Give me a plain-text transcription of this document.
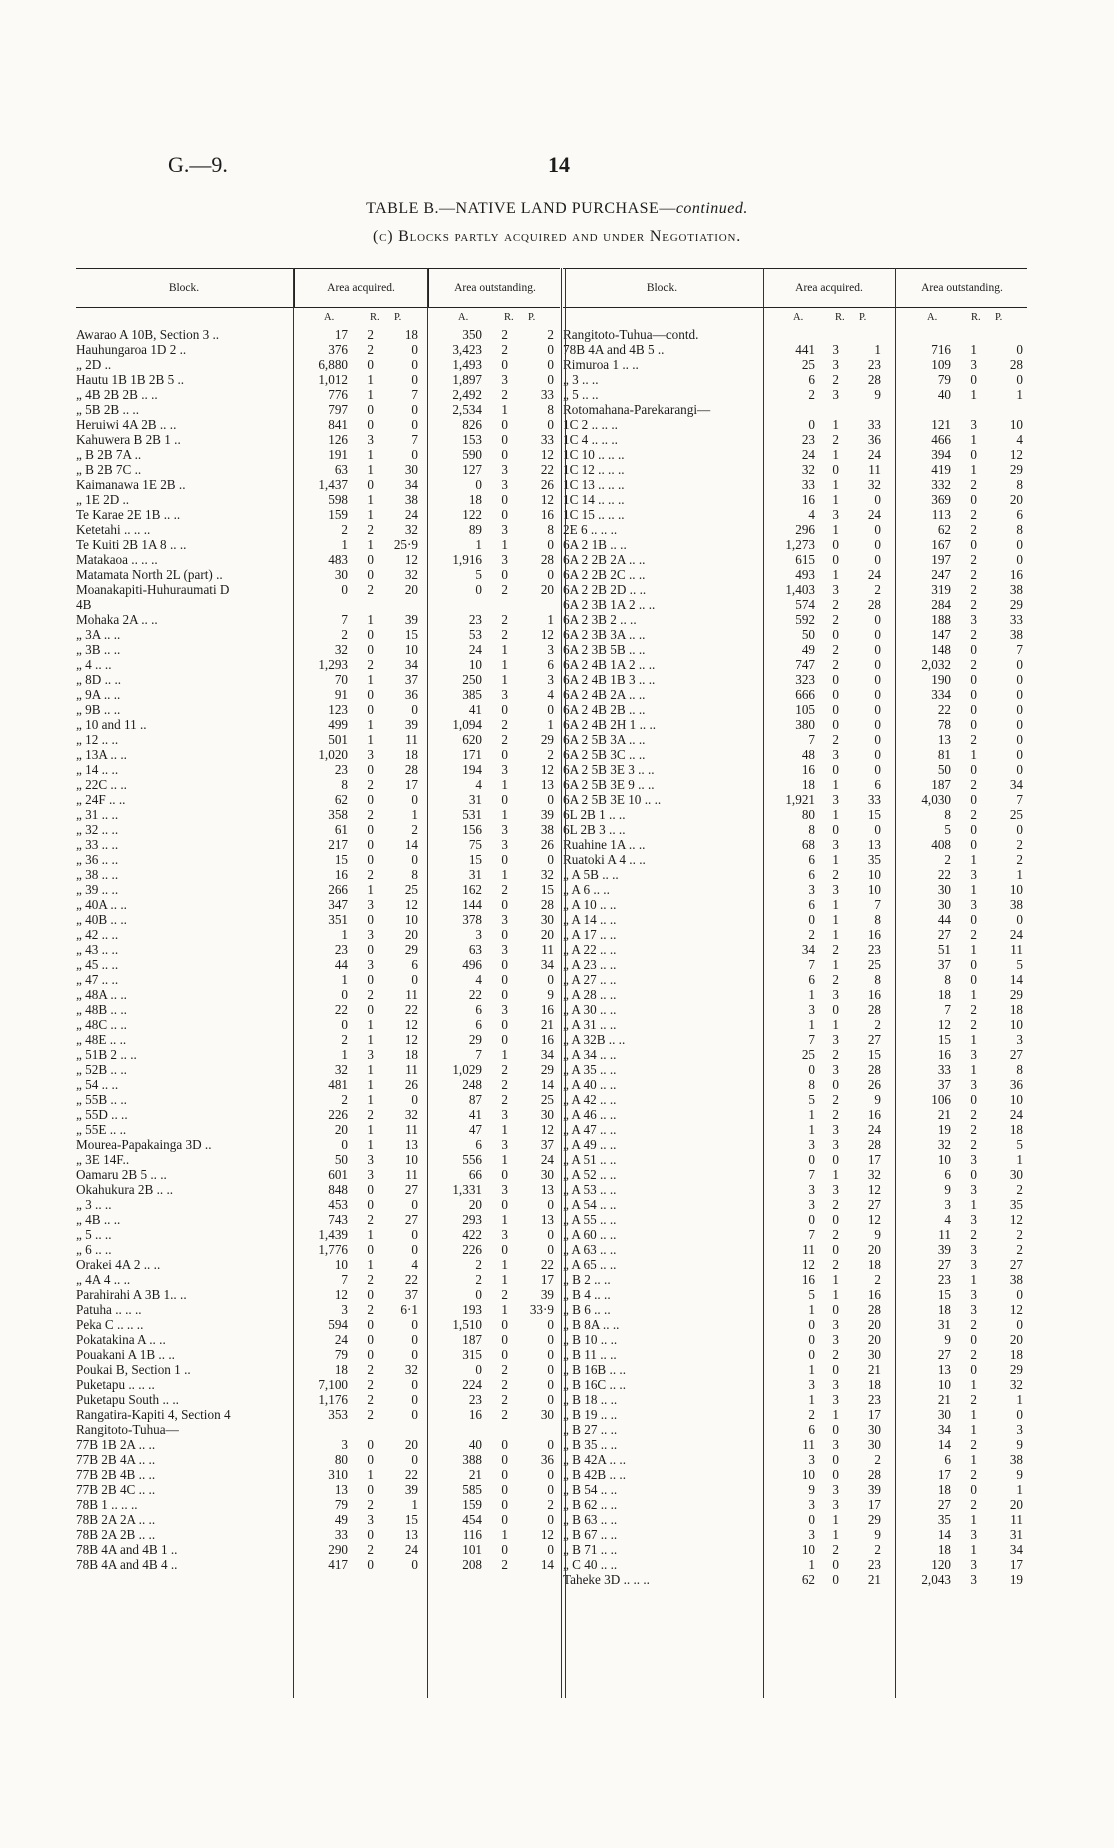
G.—9.	14
TABLE B.—NATIVE LAND PURCHASE—continued.
(c) Blocks partly acquired and under Negotiation.
Block.	Area acquired.	Area outstanding.
A.	R. P.	A.	R. P.
Awarao A 10B, Section 3 ..	17	2	18	350	2	2
Hauhungaroa 1D 2 ..	376	2	0	3,423	2	0
„ 2D ..	6,880	0	0	1,493	0	0
Hautu 1B 1B 2B 5 ..	1,012	1	0	1,897	3	0
„ 4B 2B 2B .. ..	776	1	7	2,492	2	33
„ 5B 2B .. ..	797	0	0	2,534	1	8
Heruiwi 4A 2B .. ..	841	0	0	826	0	0
Kahuwera B 2B 1 ..	126	3	7	153	0	33
„ B 2B 7A ..	191	1	0	590	0	12
„ B 2B 7C ..	63	1	30	127	3	22
Kaimanawa 1E 2B ..	1,437	0	34	0	3	26
„ 1E 2D ..	598	1	38	18	0	12
Te Karae 2E 1B .. ..	159	1	24	122	0	16
Ketetahi .. .. ..	2	2	32	89	3	8
Te Kuiti 2B 1A 8 .. ..	1	1	25·9	1	1	0
Matakaoa .. .. ..	483	0	12	1,916	3	28
Matamata North 2L (part) ..	30	0	32	5	0	0
Moanakapiti-Huhuraumati D	0	2	20	0	2	20
4B
Mohaka 2A .. ..	7	1	39	23	2	1
„ 3A .. ..	2	0	15	53	2	12
„ 3B .. ..	32	0	10	24	1	3
„ 4 .. ..	1,293	2	34	10	1	6
„ 8D .. ..	70	1	37	250	1	3
„ 9A .. ..	91	0	36	385	3	4
„ 9B .. ..	123	0	0	41	0	0
„ 10 and 11 ..	499	1	39	1,094	2	1
„ 12 .. ..	501	1	11	620	2	29
„ 13A .. ..	1,020	3	18	171	0	2
„ 14 .. ..	23	0	28	194	3	12
„ 22C .. ..	8	2	17	4	1	13
„ 24F .. ..	62	0	0	31	0	0
„ 31 .. ..	358	2	1	531	1	39
„ 32 .. ..	61	0	2	156	3	38
„ 33 .. ..	217	0	14	75	3	26
„ 36 .. ..	15	0	0	15	0	0
„ 38 .. ..	16	2	8	31	1	32
„ 39 .. ..	266	1	25	162	2	15
„ 40A .. ..	347	3	12	144	0	28
„ 40B .. ..	351	0	10	378	3	30
„ 42 .. ..	1	3	20	3	0	20
„ 43 .. ..	23	0	29	63	3	11
„ 45 .. ..	44	3	6	496	0	34
„ 47 .. ..	1	0	0	4	0	0
„ 48A .. ..	0	2	11	22	0	9
„ 48B .. ..	22	0	22	6	3	16
„ 48C .. ..	0	1	12	6	0	21
„ 48E .. ..	2	1	12	29	0	16
„ 51B 2 .. ..	1	3	18	7	1	34
„ 52B .. ..	32	1	11	1,029	2	29
„ 54 .. ..	481	1	26	248	2	14
„ 55B .. ..	2	1	0	87	2	25
„ 55D .. ..	226	2	32	41	3	30
„ 55E .. ..	20	1	11	47	1	12
Mourea-Papakainga 3D ..	0	1	13	6	3	37
„ 3E 14F..	50	3	10	556	1	24
Oamaru 2B 5 .. ..	601	3	11	66	0	30
Okahukura 2B .. ..	848	0	27	1,331	3	13
„ 3 .. ..	453	0	0	20	0	0
„ 4B .. ..	743	2	27	293	1	13
„ 5 .. ..	1,439	1	0	422	3	0
„ 6 .. ..	1,776	0	0	226	0	0
Orakei 4A 2 .. ..	10	1	4	2	1	22
„ 4A 4 .. ..	7	2	22	2	1	17
Parahirahi A 3B 1.. ..	12	0	37	0	2	39
Patuha .. .. ..	3	2	6·1	193	1	33·9
Peka C .. .. ..	594	0	0	1,510	0	0
Pokatakina A .. ..	24	0	0	187	0	0
Pouakani A 1B .. ..	79	0	0	315	0	0
Poukai B, Section 1 ..	18	2	32	0	2	0
Puketapu .. .. ..	7,100	2	0	224	2	0
Puketapu South .. ..	1,176	2	0	23	2	0
Rangatira-Kapiti 4, Section 4	353	2	0	16	2	30
Rangitoto-Tuhua—
77B 1B 2A .. ..	3	0	20	40	0	0
77B 2B 4A .. ..	80	0	0	388	0	36
77B 2B 4B .. ..	310	1	22	21	0	0
77B 2B 4C .. ..	13	0	39	585	0	0
78B 1 .. .. ..	79	2	1	159	0	2
78B 2A 2A .. ..	49	3	15	454	0	0
78B 2A 2B .. ..	33	0	13	116	1	12
78B 4A and 4B 1 ..	290	2	24	101	0	0
78B 4A and 4B 4 ..	417	0	0	208	2	14
Block.	Area acquired.	Area outstanding.
A.	R. P.	A.	R. P.
Rangitoto-Tuhua—contd.
78B 4A and 4B 5 ..	441	3	1	716	1	0
Rimuroa 1 .. ..	25	3	23	109	3	28
„ 3 .. ..	6	2	28	79	0	0
„ 5 .. ..	2	3	9	40	1	1
Rotomahana-Parekarangi—
1C 2 .. .. ..	0	1	33	121	3	10
1C 4 .. .. ..	23	2	36	466	1	4
1C 10 .. .. ..	24	1	24	394	0	12
1C 12 .. .. ..	32	0	11	419	1	29
1C 13 .. .. ..	33	1	32	332	2	8
1C 14 .. .. ..	16	1	0	369	0	20
1C 15 .. .. ..	4	3	24	113	2	6
2E 6 .. .. ..	296	1	0	62	2	8
6A 2 1B .. ..	1,273	0	0	167	0	0
6A 2 2B 2A .. ..	615	0	0	197	2	0
6A 2 2B 2C .. ..	493	1	24	247	2	16
6A 2 2B 2D .. ..	1,403	3	2	319	2	38
6A 2 3B 1A 2 .. ..	574	2	28	284	2	29
6A 2 3B 2 .. ..	592	2	0	188	3	33
6A 2 3B 3A .. ..	50	0	0	147	2	38
6A 2 3B 5B .. ..	49	2	0	148	0	7
6A 2 4B 1A 2 .. ..	747	2	0	2,032	2	0
6A 2 4B 1B 3 .. ..	323	0	0	190	0	0
6A 2 4B 2A .. ..	666	0	0	334	0	0
6A 2 4B 2B .. ..	105	0	0	22	0	0
6A 2 4B 2H 1 .. ..	380	0	0	78	0	0
6A 2 5B 3A .. ..	7	2	0	13	2	0
6A 2 5B 3C .. ..	48	3	0	81	1	0
6A 2 5B 3E 3 .. ..	16	0	0	50	0	0
6A 2 5B 3E 9 .. ..	18	1	6	187	2	34
6A 2 5B 3E 10 .. ..	1,921	3	33	4,030	0	7
6L 2B 1 .. ..	80	1	15	8	2	25
6L 2B 3 .. ..	8	0	0	5	0	0
Ruahine 1A .. ..	68	3	13	408	0	2
Ruatoki A 4 .. ..	6	1	35	2	1	2
„ A 5B .. ..	6	2	10	22	3	1
„ A 6 .. ..	3	3	10	30	1	10
„ A 10 .. ..	6	1	7	30	3	38
„ A 14 .. ..	0	1	8	44	0	0
„ A 17 .. ..	2	1	16	27	2	24
„ A 22 .. ..	34	2	23	51	1	11
„ A 23 .. ..	7	1	25	37	0	5
„ A 27 .. ..	6	2	8	8	0	14
„ A 28 .. ..	1	3	16	18	1	29
„ A 30 .. ..	3	0	28	7	2	18
„ A 31 .. ..	1	1	2	12	2	10
„ A 32B .. ..	7	3	27	15	1	3
„ A 34 .. ..	25	2	15	16	3	27
„ A 35 .. ..	0	3	28	33	1	8
„ A 40 .. ..	8	0	26	37	3	36
„ A 42 .. ..	5	2	9	106	0	10
„ A 46 .. ..	1	2	16	21	2	24
„ A 47 .. ..	1	3	24	19	2	18
„ A 49 .. ..	3	3	28	32	2	5
„ A 51 .. ..	0	0	17	10	3	1
„ A 52 .. ..	7	1	32	6	0	30
„ A 53 .. ..	3	3	12	9	3	2
„ A 54 .. ..	3	2	27	3	1	35
„ A 55 .. ..	0	0	12	4	3	12
„ A 60 .. ..	7	2	9	11	2	2
„ A 63 .. ..	11	0	20	39	3	2
„ A 65 .. ..	12	2	18	27	3	27
„ B 2 .. ..	16	1	2	23	1	38
„ B 4 .. ..	5	1	16	15	3	0
„ B 6 .. ..	1	0	28	18	3	12
„ B 8A .. ..	0	3	20	31	2	0
„ B 10 .. ..	0	3	20	9	0	20
„ B 11 .. ..	0	2	30	27	2	18
„ B 16B .. ..	1	0	21	13	0	29
„ B 16C .. ..	3	3	18	10	1	32
„ B 18 .. ..	1	3	23	21	2	1
„ B 19 .. ..	2	1	17	30	1	0
„ B 27 .. ..	6	0	30	34	1	3
„ B 35 .. ..	11	3	30	14	2	9
„ B 42A .. ..	3	0	2	6	1	38
„ B 42B .. ..	10	0	28	17	2	9
„ B 54 .. ..	9	3	39	18	0	1
„ B 62 .. ..	3	3	17	27	2	20
„ B 63 .. ..	0	1	29	35	1	11
„ B 67 .. ..	3	1	9	14	3	31
„ B 71 .. ..	10	2	2	18	1	34
„ C 40 .. ..	1	0	23	120	3	17
Taheke 3D .. .. ..	62	0	21	2,043	3	19
